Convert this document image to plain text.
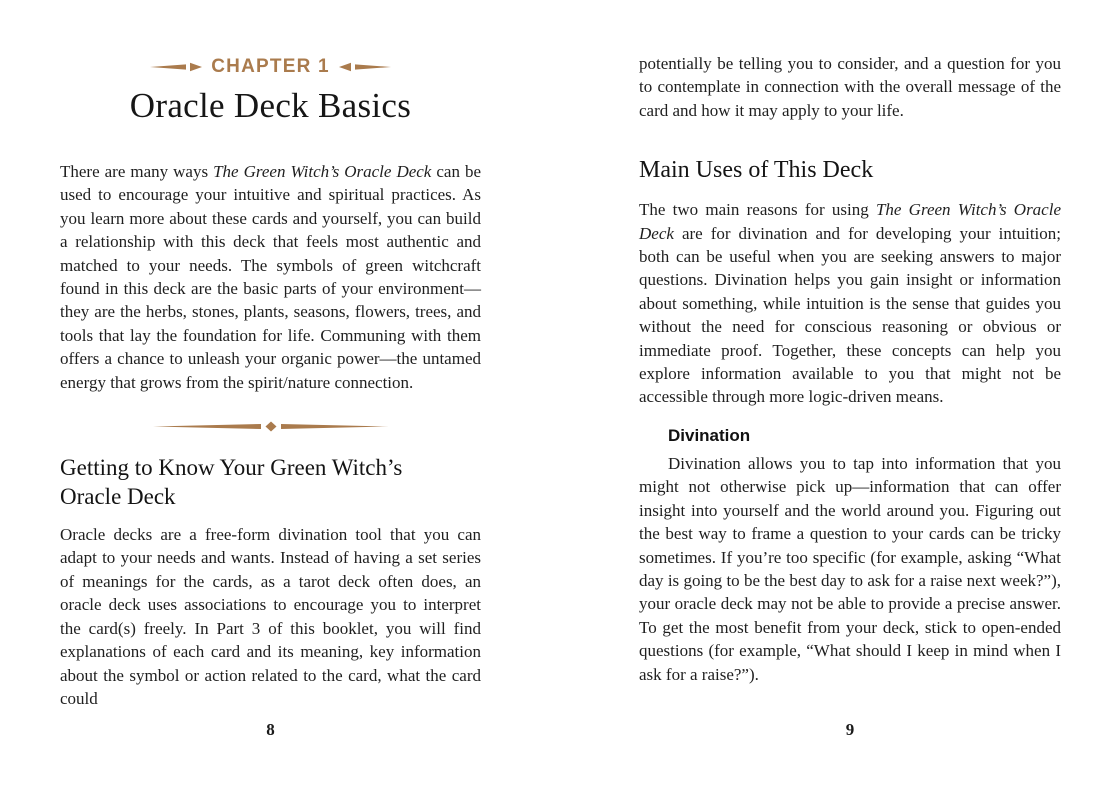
CHAPTER 1
Oracle Deck Basics

There are many ways The Green Witch’s Oracle Deck can be used to encourage your intuitive and spiritual practices. As you learn more about these cards and yourself, you can build a relationship with this deck that feels most authentic and matched to your needs. The symbols of green witchcraft found in this deck are the basic parts of your environment—they are the herbs, stones, plants, seasons, flowers, trees, and tools that lay the foundation for life. Communing with them offers a chance to unleash your organic power—the untamed energy that grows from the spirit/nature connection.

Getting to Know Your Green Witch’s
Oracle Deck

Oracle decks are a free-form divination tool that you can adapt to your needs and wants. Instead of having a set series of meanings for the cards, as a tarot deck often does, an oracle deck uses associations to encourage you to interpret the card(s) freely. In Part 3 of this booklet, you will find explanations of each card and its meaning, key information about the symbol or action related to the card, what the card could

8

potentially be telling you to consider, and a question for you to contemplate in connection with the overall message of the card and how it may apply to your life.

Main Uses of This Deck

The two main reasons for using The Green Witch’s Oracle Deck are for divination and for developing your intuition; both can be useful when you are seeking answers to major questions. Divination helps you gain insight or information about something, while intuition is the sense that guides you without the need for conscious reasoning or obvious or immediate proof. Together, these concepts can help you explore information available to you that might not be accessible through more logic-driven means.

Divination

Divination allows you to tap into information that you might not otherwise pick up—information that can offer insight into yourself and the world around you. Figuring out the best way to frame a question to your cards can be tricky sometimes. If you’re too specific (for example, asking “What day is going to be the best day to ask for a raise next week?”), your oracle deck may not be able to provide a precise answer. To get the most benefit from your deck, stick to open-ended questions (for example, “What should I keep in mind when I ask for a raise?”).

9
